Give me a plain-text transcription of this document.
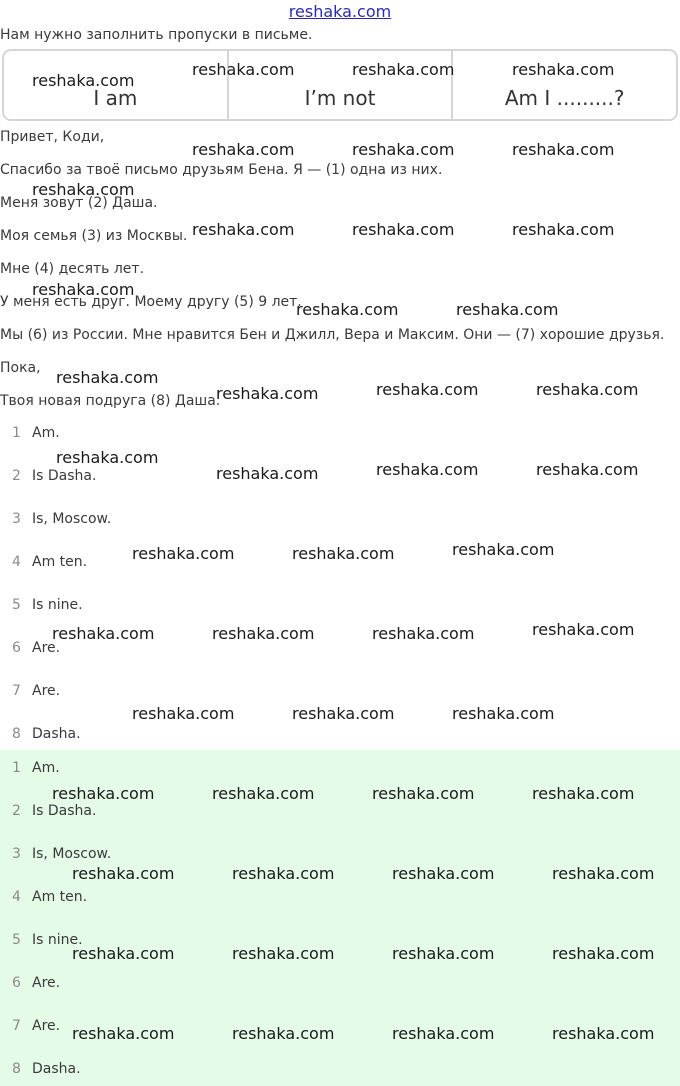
reshaka.com
Нам нужно заполнить пропуски в письме.
I am	I’m not	Am I .........?
Привет, Коди,
Спасибо за твоё письмо друзьям Бена. Я — (1) одна из них.
Меня зовут (2) Даша.
Моя семья (3) из Москвы.
Мне (4) десять лет.
У меня есть друг. Моему другу (5) 9 лет.
Мы (6) из России. Мне нравится Бен и Джилл, Вера и Максим. Они — (7) хорошие друзья.
Пока,
Твоя новая подруга (8) Даша.
1 Am.
2 Is Dasha.
3 Is, Moscow.
4 Am ten.
5 Is nine.
6 Are.
7 Are.
8 Dasha.
1 Am.
2 Is Dasha.
3 Is, Moscow.
4 Am ten.
5 Is nine.
6 Are.
7 Are.
8 Dasha.
reshaka.com
reshaka.com	reshaka.com	reshaka.com
reshaka.com	reshaka.com	reshaka.com
reshaka.com
reshaka.com	reshaka.com	reshaka.com
reshaka.com
reshaka.com	reshaka.com
reshaka.com
reshaka.com	reshaka.com	reshaka.com
reshaka.com
reshaka.com	reshaka.com	reshaka.com
reshaka.com	reshaka.com	reshaka.com
reshaka.com	reshaka.com	reshaka.com	reshaka.com
reshaka.com	reshaka.com	reshaka.com
reshaka.com	reshaka.com	reshaka.com	reshaka.com
reshaka.com	reshaka.com	reshaka.com	reshaka.com
reshaka.com	reshaka.com	reshaka.com	reshaka.com
reshaka.com	reshaka.com	reshaka.com	reshaka.com
